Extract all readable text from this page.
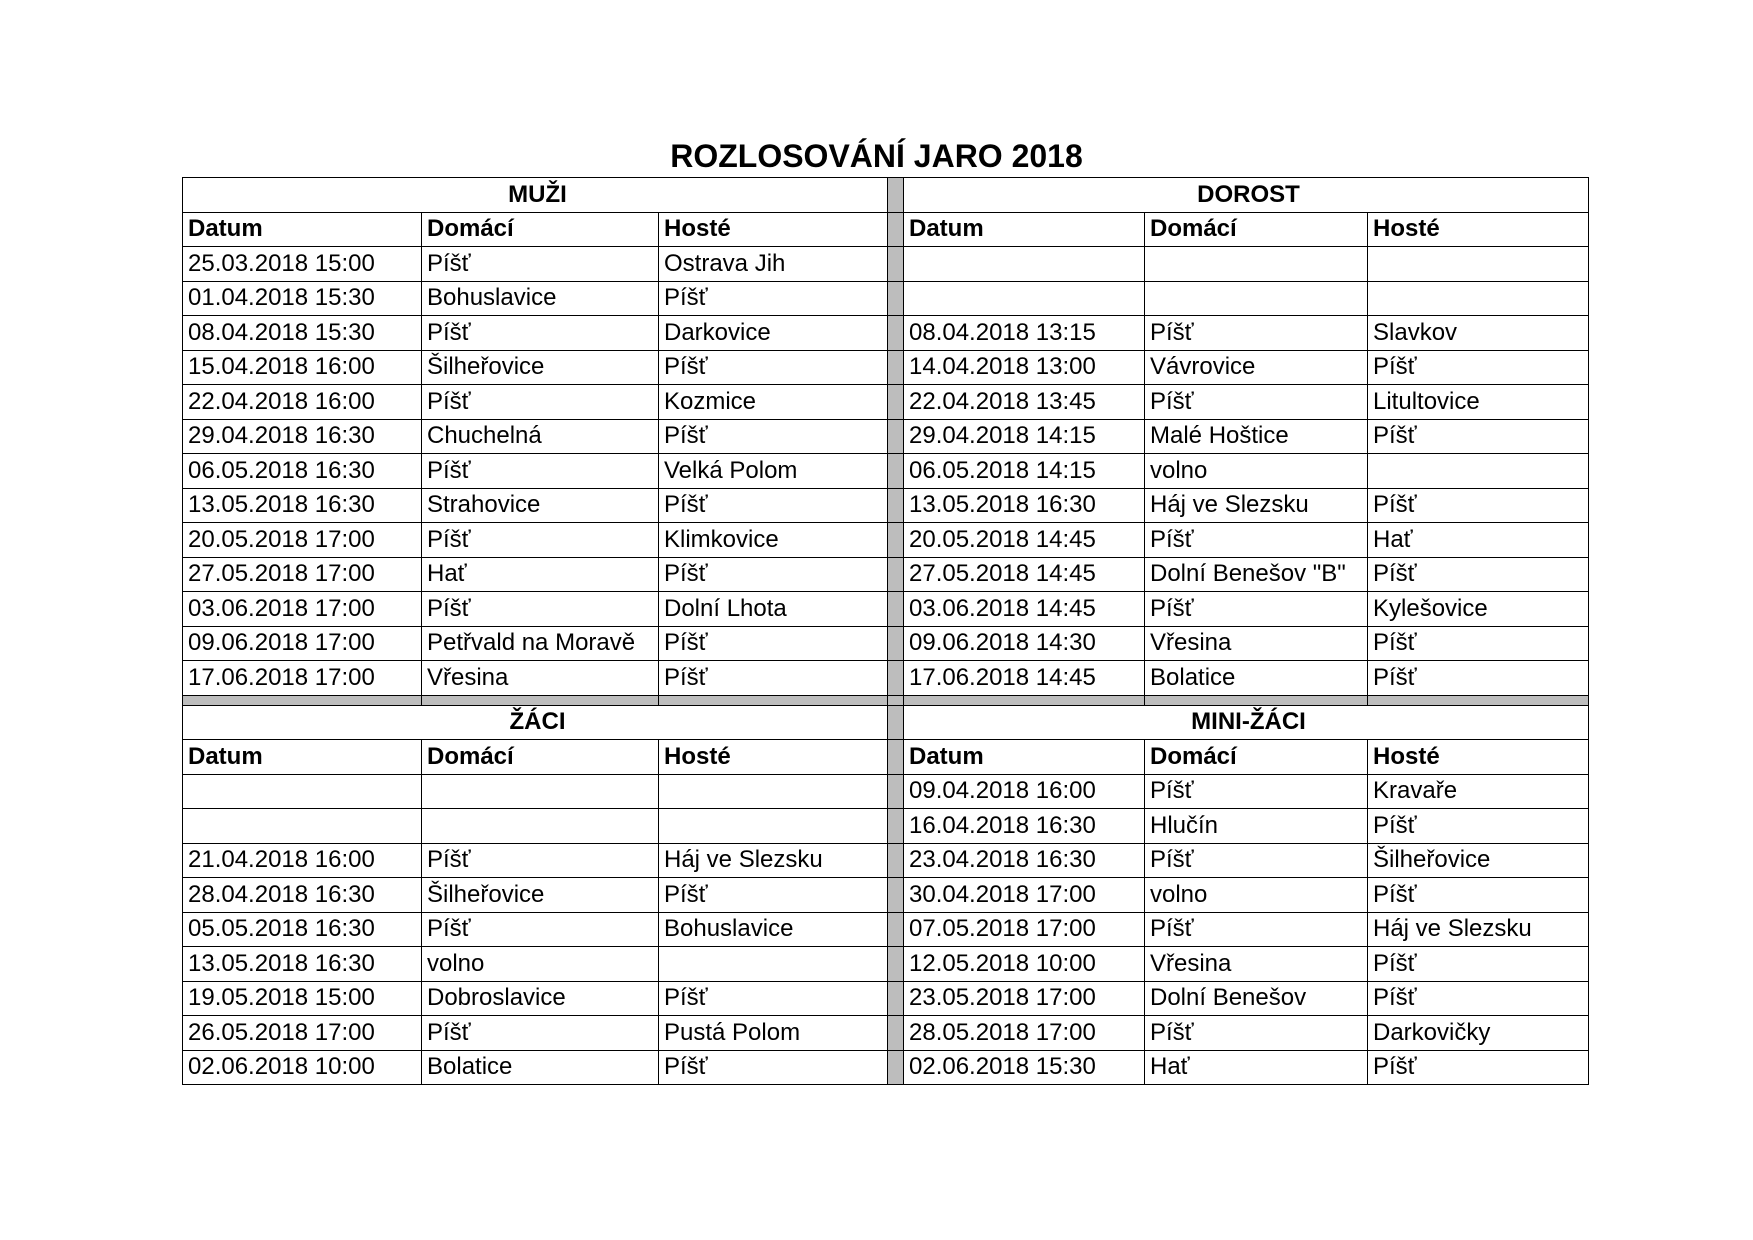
ROZLOSOVÁNÍ JARO 2018
MUŽI				DOROST		
Datum	Domácí	Hosté		Datum	Domácí	Hosté
25.03.2018 15:00	Píšť	Ostrava Jih				
01.04.2018 15:30	Bohuslavice	Píšť				
08.04.2018 15:30	Píšť	Darkovice		08.04.2018 13:15	Píšť	Slavkov
15.04.2018 16:00	Šilheřovice	Píšť		14.04.2018 13:00	Vávrovice	Píšť
22.04.2018 16:00	Píšť	Kozmice		22.04.2018 13:45	Píšť	Litultovice
29.04.2018 16:30	Chuchelná	Píšť		29.04.2018 14:15	Malé Hoštice	Píšť
06.05.2018 16:30	Píšť	Velká Polom		06.05.2018 14:15	volno	
13.05.2018 16:30	Strahovice	Píšť		13.05.2018 16:30	Háj ve Slezsku	Píšť
20.05.2018 17:00	Píšť	Klimkovice		20.05.2018 14:45	Píšť	Hať
27.05.2018 17:00	Hať	Píšť		27.05.2018 14:45	Dolní Benešov "B"	Píšť
03.06.2018 17:00	Píšť	Dolní Lhota		03.06.2018 14:45	Píšť	Kylešovice
09.06.2018 17:00	Petřvald na Moravě	Píšť		09.06.2018 14:30	Vřesina	Píšť
17.06.2018 17:00	Vřesina	Píšť		17.06.2018 14:45	Bolatice	Píšť

ŽÁCI				MINI-ŽÁCI		
Datum	Domácí	Hosté		Datum	Domácí	Hosté
				09.04.2018 16:00	Píšť	Kravaře
				16.04.2018 16:30	Hlučín	Píšť
21.04.2018 16:00	Píšť	Háj ve Slezsku		23.04.2018 16:30	Píšť	Šilheřovice
28.04.2018 16:30	Šilheřovice	Píšť		30.04.2018 17:00	volno	Píšť
05.05.2018 16:30	Píšť	Bohuslavice		07.05.2018 17:00	Píšť	Háj ve Slezsku
13.05.2018 16:30	volno			12.05.2018 10:00	Vřesina	Píšť
19.05.2018 15:00	Dobroslavice	Píšť		23.05.2018 17:00	Dolní Benešov	Píšť
26.05.2018 17:00	Píšť	Pustá Polom		28.05.2018 17:00	Píšť	Darkovičky
02.06.2018 10:00	Bolatice	Píšť		02.06.2018 15:30	Hať	Píšť
